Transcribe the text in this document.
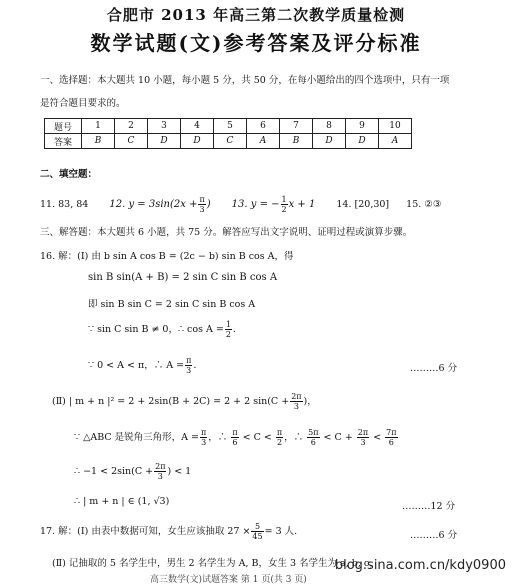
合肥市 2013 年高三第二次教学质量检测
数学试题(文)参考答案及评分标准
一、选择题：本大题共 10 小题，每小题 5 分，共 50 分，在每小题给出的四个选项中，只有一项
是符合题目要求的。
题号	1	2	3	4	5	6	7	8	9	10
答案	B	C	D	D	C	A	B	D	D	A
二、填空题：
11. 83, 84 12. $y = 3\sin(2x + \frac{\pi}{3}$ ) 13. y = − $\frac{1}{2}$ x + 1 14. [20,30] 15. ②③
三、解答题：本大题共 6 小题，共 75 分。解答应写出文字说明、证明过程或演算步骤。
16. 解：(Ⅰ) 由 b sin A cos B = (2c − b) sin B cos A，得
sin B sin(A + B) = 2 sin C sin B cos A
即 sin B sin C = 2 sin C sin B cos A
∵ sin C sin B ≠ 0，∴ $\cos A = \frac{1}{2}$ .
∵ 0 < A < π，∴ $A = \frac{\pi}{3}$ .	………6 分
(Ⅱ) | m + n |² = 2 + 2sin(B + 2C) = 2 + 2 $\sin(C + \frac{2\pi}{3}$ )，
∵ △ABC 是锐角三角形，$A = \frac{\pi}{3}$ ，∴ $\frac{\pi}{6} < C < \frac{\pi}{2}$ ，∴ $\frac{5\pi}{6} < C + \frac{2\pi}{3} < \frac{7\pi}{6}$
∴ $-1 < 2\sin(C + \frac{2\pi}{3}$ ) < 1
∴ | m + n | ∈ (1, √3)	………12 分
17. 解：(Ⅰ) 由表中数据可知，女生应该抽取 $27 \times \frac{5}{45} = 3$ 人.	………6 分
(Ⅱ) 记抽取的 5 名学生中，男生 2 名学生为 A, B，女生 3 名学生为 a, b, c，
高三数学(文)试题答案 第 1 页(共 3 页)
blog.sina.com.cn/kdy0900
